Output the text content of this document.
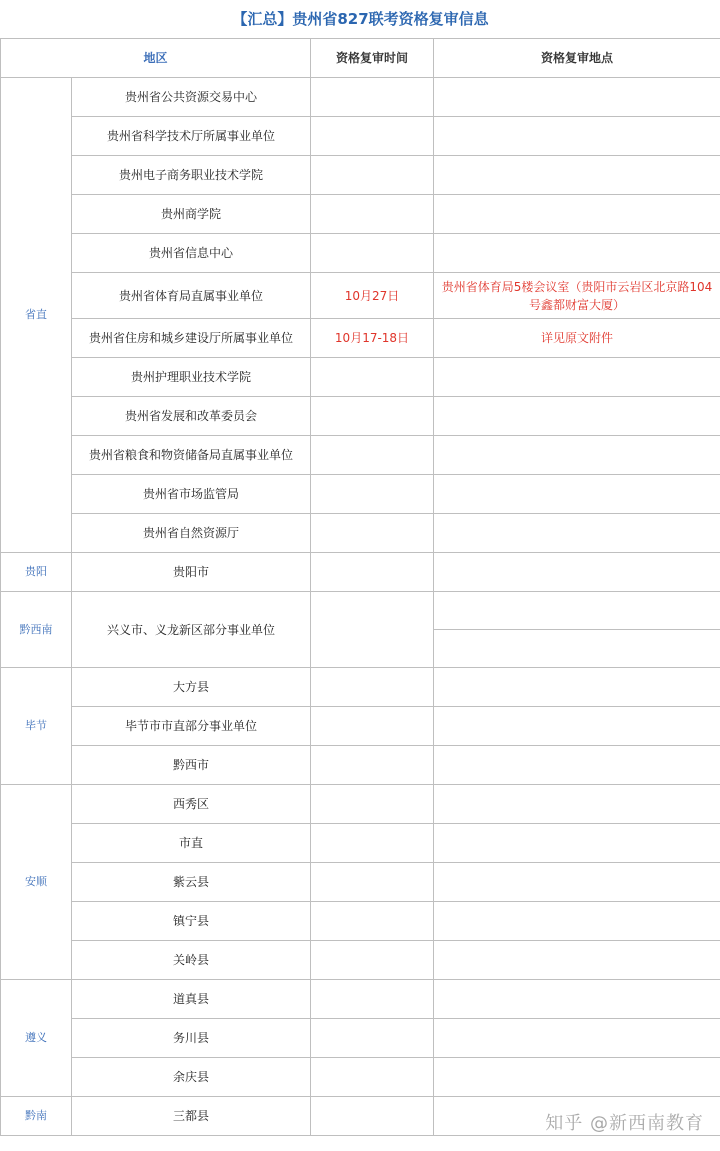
【汇总】贵州省827联考资格复审信息			
地区		资格复审时间	资格复审地点
省直	贵州省公共资源交易中心		
	贵州省科学技术厅所属事业单位		
	贵州电子商务职业技术学院		
	贵州商学院		
	贵州省信息中心		
	贵州省体育局直属事业单位	10月27日	贵州省体育局5楼会议室（贵阳市云岩区北京路104号鑫都财富大厦）
	贵州省住房和城乡建设厅所属事业单位	10月17-18日	详见原文附件
	贵州护理职业技术学院		
	贵州省发展和改革委员会		
	贵州省粮食和物资储备局直属事业单位		
	贵州省市场监管局		
	贵州省自然资源厅		
贵阳	贵阳市		
黔西南	兴义市、义龙新区部分事业单位		

毕节	大方县		
	毕节市市直部分事业单位		
	黔西市		
安顺	西秀区		
	市直		
	紫云县		
	镇宁县		
	关岭县		
遵义	道真县		
	务川县		
	余庆县		
黔南	三都县			知乎 @新西南教育
